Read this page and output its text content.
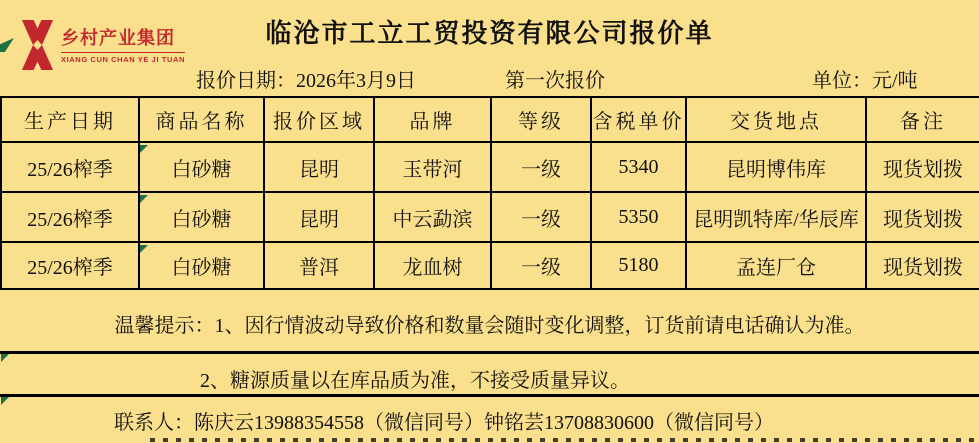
乡村产业集团
XIANG CUN CHAN YE JI TUAN
临沧市工立工贸投资有限公司报价单
报价日期：2026年3月9日	第一次报价	单位：元/吨
生产日期	商品名称	报价区域	品牌	等级	含税单价	交货地点	备注
25/26榨季	白砂糖	昆明	玉带河	一级	5340	昆明博伟库	现货划拨
25/26榨季	白砂糖	昆明	中云勐滨	一级	5350	昆明凯特库/华辰库	现货划拨
25/26榨季	白砂糖	普洱	龙血树	一级	5180	孟连厂仓	现货划拨
温馨提示：1、因行情波动导致价格和数量会随时变化调整，订货前请电话确认为准。
2、糖源质量以在库品质为准，不接受质量异议。
联系人：陈庆云13988354558（微信同号）钟铭芸13708830600（微信同号）
